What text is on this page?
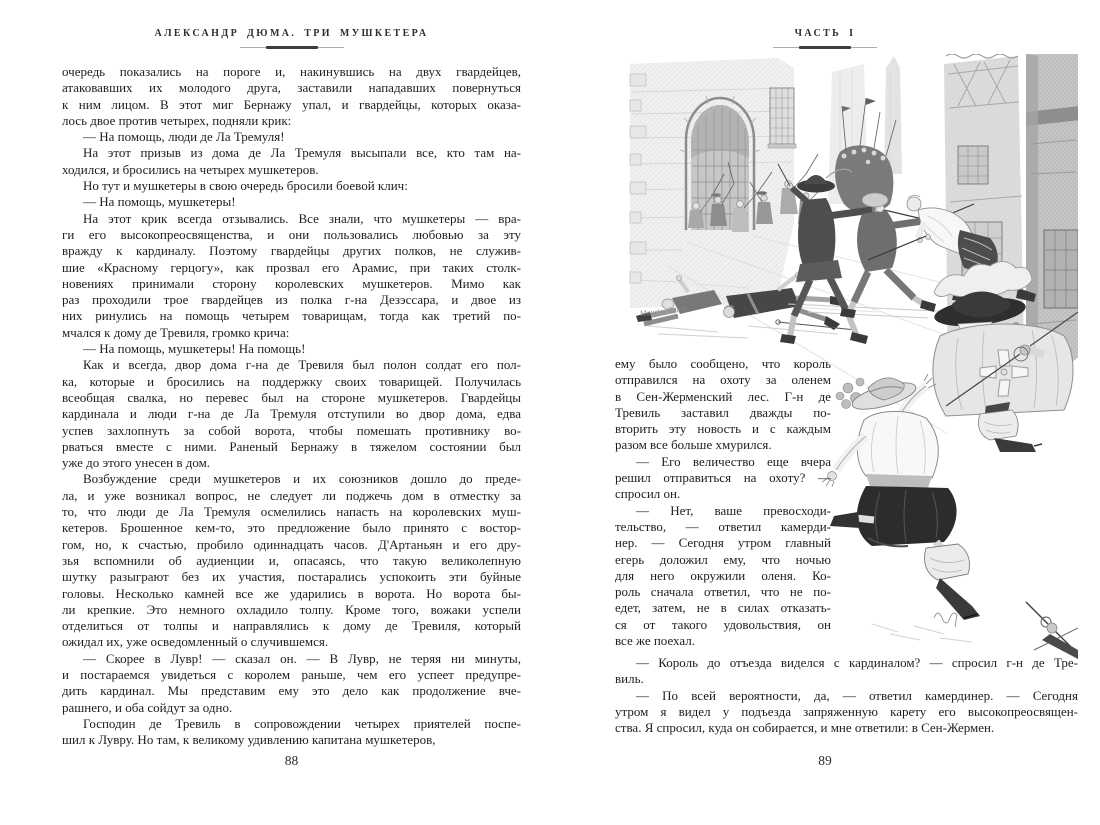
АЛЕКСАНДР ДЮМА. ТРИ МУШКЕТЕРА
очередь показались на пороге и, накинувшись на двух гвардейцев,
атаковавших их молодого друга, заставили нападавших повернуться
к ним лицом. В этот миг Бернажу упал, и гвардейцы, которых оказа-
лось двое против четырех, подняли крик:
— На помощь, люди де Ла Тремуля!
На этот призыв из дома де Ла Тремуля высыпали все, кто там на-
ходился, и бросились на четырех мушкетеров.
Но тут и мушкетеры в свою очередь бросили боевой клич:
— На помощь, мушкетеры!
На этот крик всегда отзывались. Все знали, что мушкетеры — вра-
ги его высокопреосвященства, и они пользовались любовью за эту
вражду к кардиналу. Поэтому гвардейцы других полков, не служив-
шие «Красному герцогу», как прозвал его Арамис, при таких столк-
новениях принимали сторону королевских мушкетеров. Мимо как
раз проходили трое гвардейцев из полка г-на Дезэссара, и двое из
них ринулись на помощь четырем товарищам, тогда как третий по-
мчался к дому де Тревиля, громко крича:
— На помощь, мушкетеры! На помощь!
Как и всегда, двор дома г-на де Тревиля был полон солдат его пол-
ка, которые и бросились на поддержку своих товарищей. Получилась
всеобщая свалка, но перевес был на стороне мушкетеров. Гвардейцы
кардинала и люди г-на де Ла Тремуля отступили во двор дома, едва
успев захлопнуть за собой ворота, чтобы помешать противнику во-
рваться вместе с ними. Раненый Бернажу в тяжелом состоянии был
уже до этого унесен в дом.
Возбуждение среди мушкетеров и их союзников дошло до преде-
ла, и уже возникал вопрос, не следует ли поджечь дом в отместку за
то, что люди де Ла Тремуля осмелились напасть на королевских муш-
кетеров. Брошенное кем-то, это предложение было принято с востор-
гом, но, к счастью, пробило одиннадцать часов. Д'Артаньян и его дру-
зья вспомнили об аудиенции и, опасаясь, что такую великолепную
шутку разыграют без их участия, постарались успокоить эти буйные
головы. Несколько камней все же ударились в ворота. Но ворота бы-
ли крепкие. Это немного охладило толпу. Кроме того, вожаки успели
отделиться от толпы и направлялись к дому де Тревиля, который
ожидал их, уже осведомленный о случившемся.
— Скорее в Лувр! — сказал он. — В Лувр, не теряя ни минуты,
и постараемся увидеться с королем раньше, чем его успеет предупре-
дить кардинал. Мы представим ему это дело как продолжение вче-
рашнего, и оба сойдут за одно.
Господин де Тревиль в сопровождении четырех приятелей поспе-
шил к Лувру. Но там, к великому удивлению капитана мушкетеров,
88
ЧАСТЬ I
Maurice Leloir
ему было сообщено, что король
отправился на охоту за оленем
в Сен-Жерменский лес. Г-н де
Тревиль заставил дважды по-
вторить эту новость и с каждым
разом все больше хмурился.
— Его величество еще вчера
решил отправиться на охоту? —
спросил он.
— Нет, ваше превосходи-
тельство, — ответил камерди-
нер. — Сегодня утром главный
егерь доложил ему, что ночью
для него окружили оленя. Ко-
роль сначала ответил, что не по-
едет, затем, не в силах отказать-
ся от такого удовольствия, он
все же поехал.
— Король до отъезда виделся с кардиналом? — спросил г-н де Тре-
виль.
— По всей вероятности, да, — ответил камердинер. — Сегодня
утром я видел у подъезда запряженную карету его высокопреосвящен-
ства. Я спросил, куда он собирается, и мне ответили: в Сен-Жермен.
89
